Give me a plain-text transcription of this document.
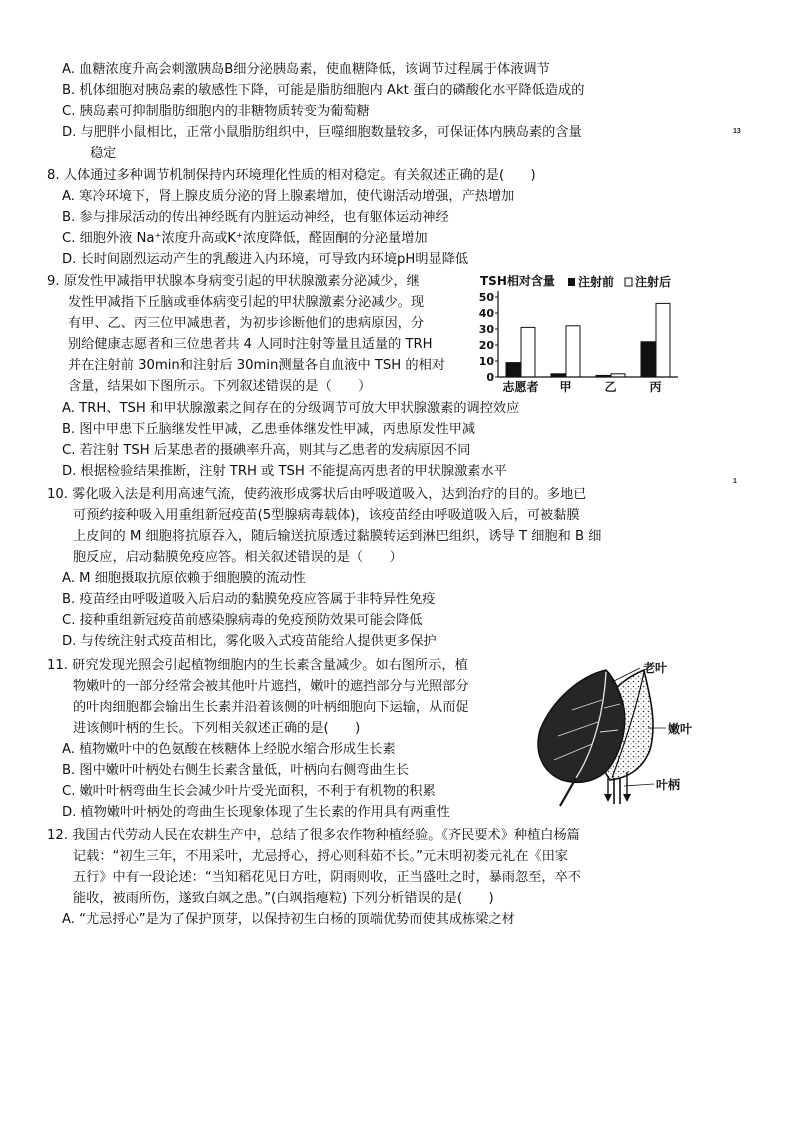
A. 血糖浓度升高会刺激胰岛B细分泌胰岛素，使血糖降低，该调节过程属于体液调节
B. 机体细胞对胰岛素的敏感性下降，可能是脂肪细胞内 Akt 蛋白的磷酸化水平降低造成的
C. 胰岛素可抑制脂肪细胞内的非糖物质转变为葡萄糖
D. 与肥胖小鼠相比，正常小鼠脂肪组织中，巨噬细胞数量较多，可保证体内胰岛素的含量
稳定
13
1
8. 人体通过多种调节机制保持内环境理化性质的相对稳定。有关叙述正确的是(　　)
A. 寒冷环境下，肾上腺皮质分泌的肾上腺素增加，使代谢活动增强，产热增加
B. 参与排尿活动的传出神经既有内脏运动神经，也有躯体运动神经
C. 细胞外液 Na⁺浓度升高或K⁺浓度降低，醛固酮的分泌量增加
D. 长时间剧烈运动产生的乳酸进入内环境，可导致内环境pH明显降低
9. 原发性甲减指甲状腺本身病变引起的甲状腺激素分泌减少，继
发性甲减指下丘脑或垂体病变引起的甲状腺激素分泌减少。现
有甲、乙、丙三位甲减患者，为初步诊断他们的患病原因，分
别给健康志愿者和三位患者共 4 人同时注射等量且适量的 TRH
并在注射前 30min和注射后 30min测量各自血液中 TSH 的相对
含量，结果如下图所示。下列叙述错误的是（　　）
TSH相对含量 注射前 注射后
0
10
20
30
40
50
志愿者 甲	乙	丙
A. TRH、TSH 和甲状腺激素之间存在的分级调节可放大甲状腺激素的调控效应
B. 图中甲患下丘脑继发性甲减，乙患垂体继发性甲减，丙患原发性甲减
C. 若注射 TSH 后某患者的摄碘率升高，则其与乙患者的发病原因不同
D. 根据检验结果推断，注射 TRH 或 TSH 不能提高丙患者的甲状腺激素水平
10. 雾化吸入法是利用高速气流，使药液形成雾状后由呼吸道吸入，达到治疗的目的。多地已
可预约接种吸入用重组新冠疫苗(5型腺病毒载体)，该疫苗经由呼吸道吸入后，可被黏膜
上皮间的 M 细胞将抗原吞入，随后输送抗原透过黏膜转运到淋巴组织，诱导 T 细胞和 B 细
胞反应，启动黏膜免疫应答。相关叙述错误的是（　　）
A. M 细胞摄取抗原依赖于细胞膜的流动性
B. 疫苗经由呼吸道吸入后启动的黏膜免疫应答属于非特异性免疫
C. 接种重组新冠疫苗前感染腺病毒的免疫预防效果可能会降低
D. 与传统注射式疫苗相比，雾化吸入式疫苗能给人提供更多保护
11. 研究发现光照会引起植物细胞内的生长素含量减少。如右图所示，植
物嫩叶的一部分经常会被其他叶片遮挡，嫩叶的遮挡部分与光照部分
的叶肉细胞都会输出生长素并沿着该侧的叶柄细胞向下运输，从而促
进该侧叶柄的生长。下列相关叙述正确的是(　　)
A. 植物嫩叶中的色氨酸在核糖体上经脱水缩合形成生长素
B. 图中嫩叶叶柄处右侧生长素含量低，叶柄向右侧弯曲生长
C. 嫩叶叶柄弯曲生长会减少叶片受光面积，不利于有机物的积累
D. 植物嫩叶叶柄处的弯曲生长现象体现了生长素的作用具有两重性
老叶
嫩叶
叶柄
12. 我国古代劳动人民在农耕生产中，总结了很多农作物种植经验。《齐民要术》种植白杨篇
记载：“初生三年，不用采叶，尤忌捋心，捋心则科茹不长。”元末明初娄元礼在《田家
五行》中有一段论述：“当知稻花见日方吐，阴雨则收，正当盛吐之时，暴雨忽至，卒不
能收，被雨所伤，遂致白飒之患。”(白飒指瘪粒) 下列分析错误的是(　　)
A. “尤忌捋心”是为了保护顶芽，以保持初生白杨的顶端优势而使其成栋梁之材
